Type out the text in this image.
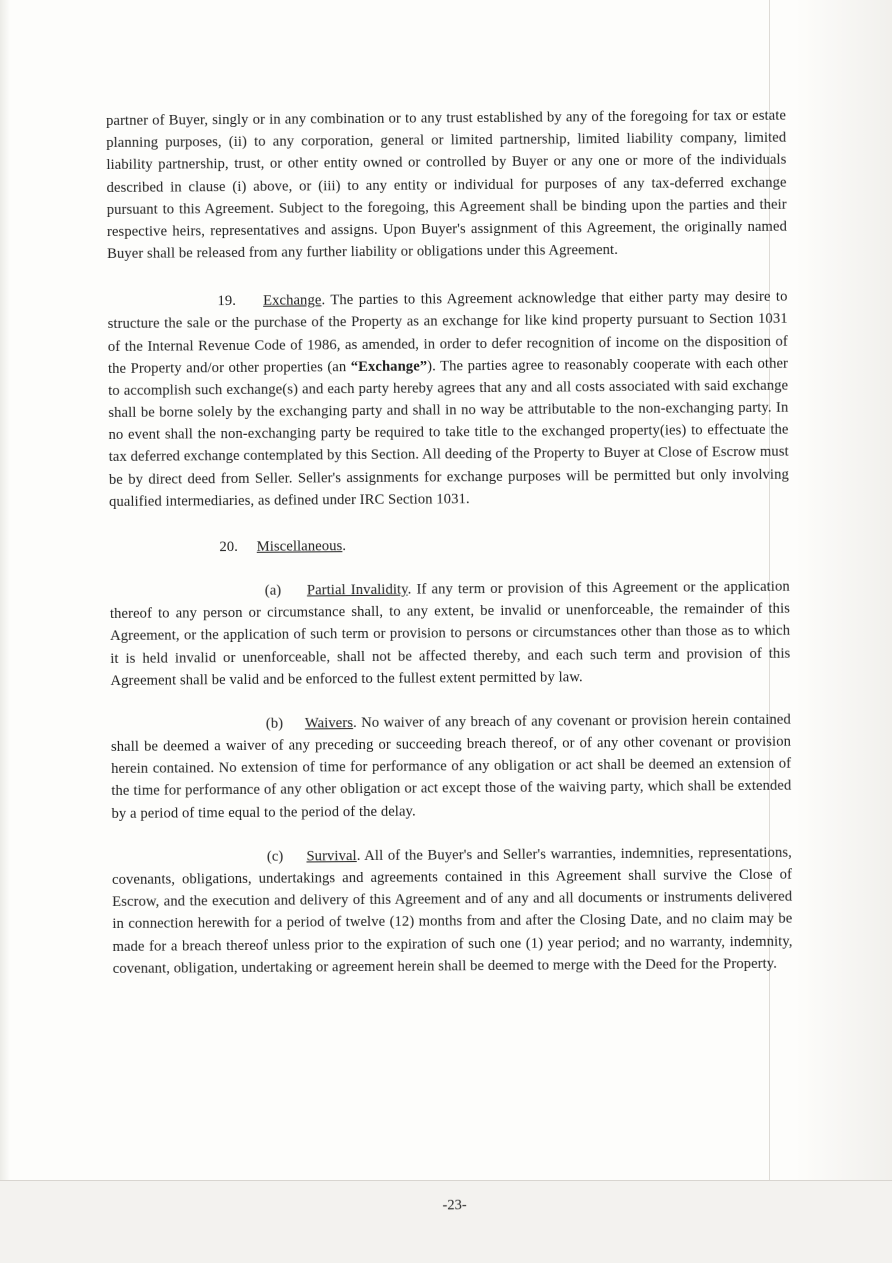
partner of Buyer, singly or in any combination or to any trust established by any of the foregoing for tax or estate planning purposes, (ii) to any corporation, general or limited partnership, limited liability company, limited liability partnership, trust, or other entity owned or controlled by Buyer or any one or more of the individuals described in clause (i) above, or (iii) to any entity or individual for purposes of any tax-deferred exchange pursuant to this Agreement. Subject to the foregoing, this Agreement shall be binding upon the parties and their respective heirs, representatives and assigns. Upon Buyer's assignment of this Agreement, the originally named Buyer shall be released from any further liability or obligations under this Agreement.

19. Exchange. The parties to this Agreement acknowledge that either party may desire to structure the sale or the purchase of the Property as an exchange for like kind property pursuant to Section 1031 of the Internal Revenue Code of 1986, as amended, in order to defer recognition of income on the disposition of the Property and/or other properties (an “Exchange”). The parties agree to reasonably cooperate with each other to accomplish such exchange(s) and each party hereby agrees that any and all costs associated with said exchange shall be borne solely by the exchanging party and shall in no way be attributable to the non-exchanging party. In no event shall the non-exchanging party be required to take title to the exchanged property(ies) to effectuate the tax deferred exchange contemplated by this Section. All deeding of the Property to Buyer at Close of Escrow must be by direct deed from Seller. Seller's assignments for exchange purposes will be permitted but only involving qualified intermediaries, as defined under IRC Section 1031.

20. Miscellaneous.

(a) Partial Invalidity. If any term or provision of this Agreement or the application thereof to any person or circumstance shall, to any extent, be invalid or unenforceable, the remainder of this Agreement, or the application of such term or provision to persons or circumstances other than those as to which it is held invalid or unenforceable, shall not be affected thereby, and each such term and provision of this Agreement shall be valid and be enforced to the fullest extent permitted by law.

(b) Waivers. No waiver of any breach of any covenant or provision herein contained shall be deemed a waiver of any preceding or succeeding breach thereof, or of any other covenant or provision herein contained. No extension of time for performance of any obligation or act shall be deemed an extension of the time for performance of any other obligation or act except those of the waiving party, which shall be extended by a period of time equal to the period of the delay.

(c) Survival. All of the Buyer's and Seller's warranties, indemnities, representations, covenants, obligations, undertakings and agreements contained in this Agreement shall survive the Close of Escrow, and the execution and delivery of this Agreement and of any and all documents or instruments delivered in connection herewith for a period of twelve (12) months from and after the Closing Date, and no claim may be made for a breach thereof unless prior to the expiration of such one (1) year period; and no warranty, indemnity, covenant, obligation, undertaking or agreement herein shall be deemed to merge with the Deed for the Property.

-23-
